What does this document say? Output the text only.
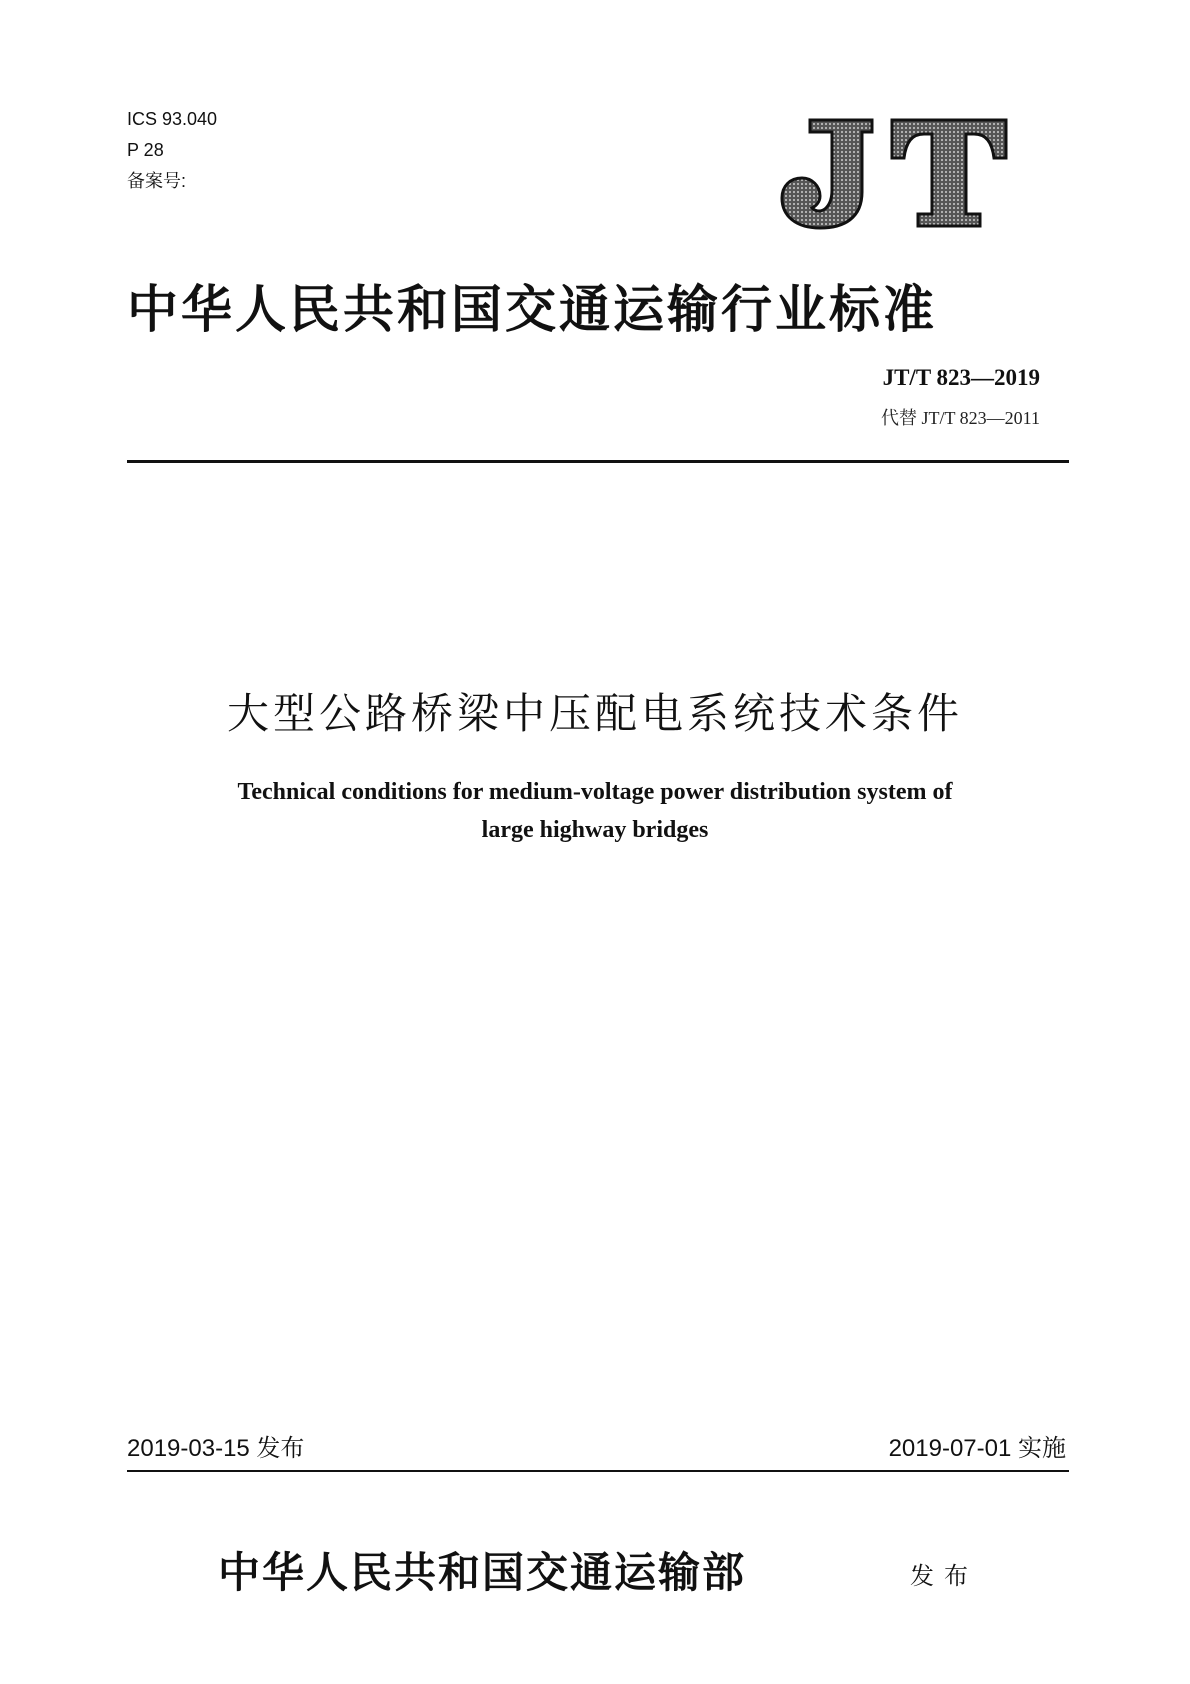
ICS 93.040
P 28
备案号:
中华人民共和国交通运输行业标准
JT/T 823—2019
代替 JT/T 823—2011
大型公路桥梁中压配电系统技术条件
Technical conditions for medium-voltage power distribution system of
large highway bridges
2019-03-15 发布	2019-07-01 实施
中华人民共和国交通运输部	发布
